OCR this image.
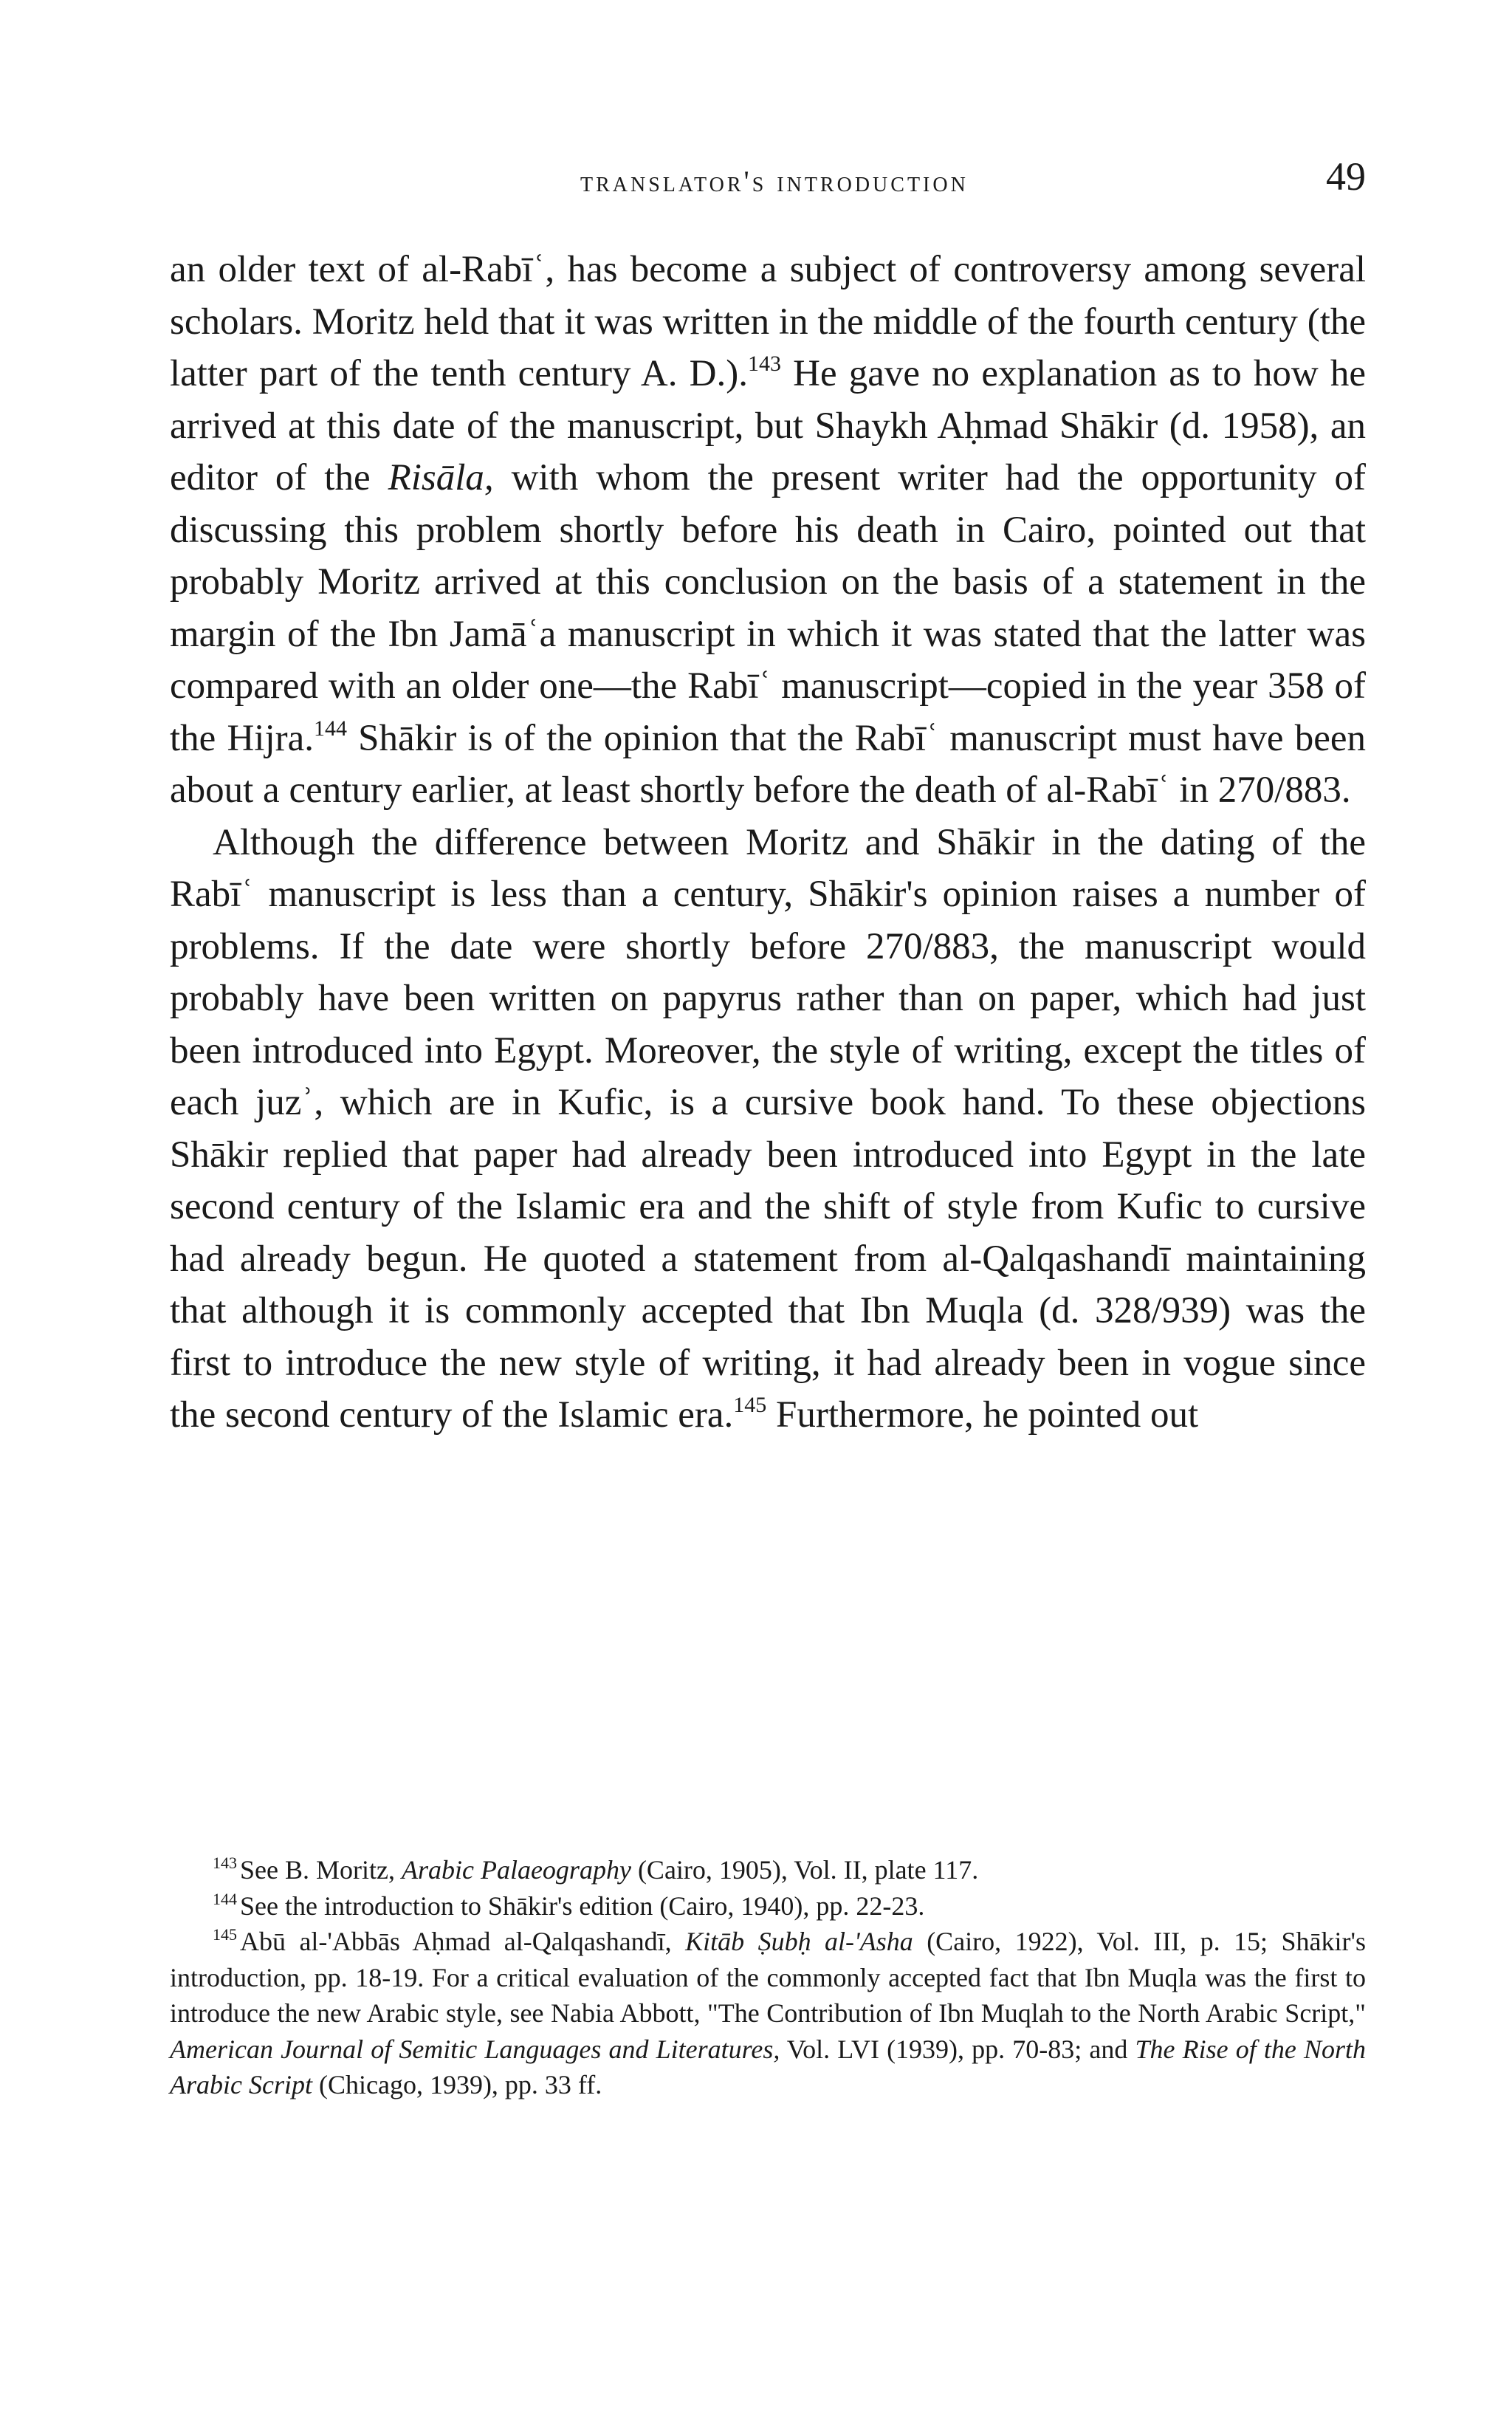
translator's introduction	49

an older text of al-Rabīʿ, has become a subject of controversy among several scholars. Moritz held that it was written in the middle of the fourth century (the latter part of the tenth century A. D.).$^{143}$ He gave no explanation as to how he arrived at this date of the manuscript, but Shaykh Aḥmad Shākir (d. 1958), an editor of the Risāla, with whom the present writer had the opportunity of discussing this problem shortly before his death in Cairo, pointed out that probably Moritz arrived at this conclusion on the basis of a statement in the margin of the Ibn Jamāʿa manuscript in which it was stated that the latter was compared with an older one—the Rabīʿ manuscript—copied in the year 358 of the Hijra.$^{144}$ Shākir is of the opinion that the Rabīʿ manuscript must have been about a century earlier, at least shortly before the death of al-Rabīʿ in 270/883.

Although the difference between Moritz and Shākir in the dating of the Rabīʿ manuscript is less than a century, Shākir's opinion raises a number of problems. If the date were shortly before 270/883, the manuscript would probably have been written on papyrus rather than on paper, which had just been introduced into Egypt. Moreover, the style of writing, except the titles of each juzʾ, which are in Kufic, is a cursive book hand. To these objections Shākir replied that paper had already been introduced into Egypt in the late second century of the Islamic era and the shift of style from Kufic to cursive had already begun. He quoted a statement from al-Qalqashandī maintaining that although it is commonly accepted that Ibn Muqla (d. 328/939) was the first to introduce the new style of writing, it had already been in vogue since the second century of the Islamic era.$^{145}$ Furthermore, he pointed out

$^{143}$ See B. Moritz, Arabic Palaeography (Cairo, 1905), Vol. II, plate 117.

$^{144}$ See the introduction to Shākir's edition (Cairo, 1940), pp. 22-23.

$^{145}$ Abū al-'Abbās Aḥmad al-Qalqashandī, Kitāb Ṣubḥ al-'Asha (Cairo, 1922), Vol. III, p. 15; Shākir's introduction, pp. 18-19. For a critical evaluation of the commonly accepted fact that Ibn Muqla was the first to introduce the new Arabic style, see Nabia Abbott, "The Contribution of Ibn Muqlah to the North Arabic Script," American Journal of Semitic Languages and Literatures, Vol. LVI (1939), pp. 70-83; and The Rise of the North Arabic Script (Chicago, 1939), pp. 33 ff.
